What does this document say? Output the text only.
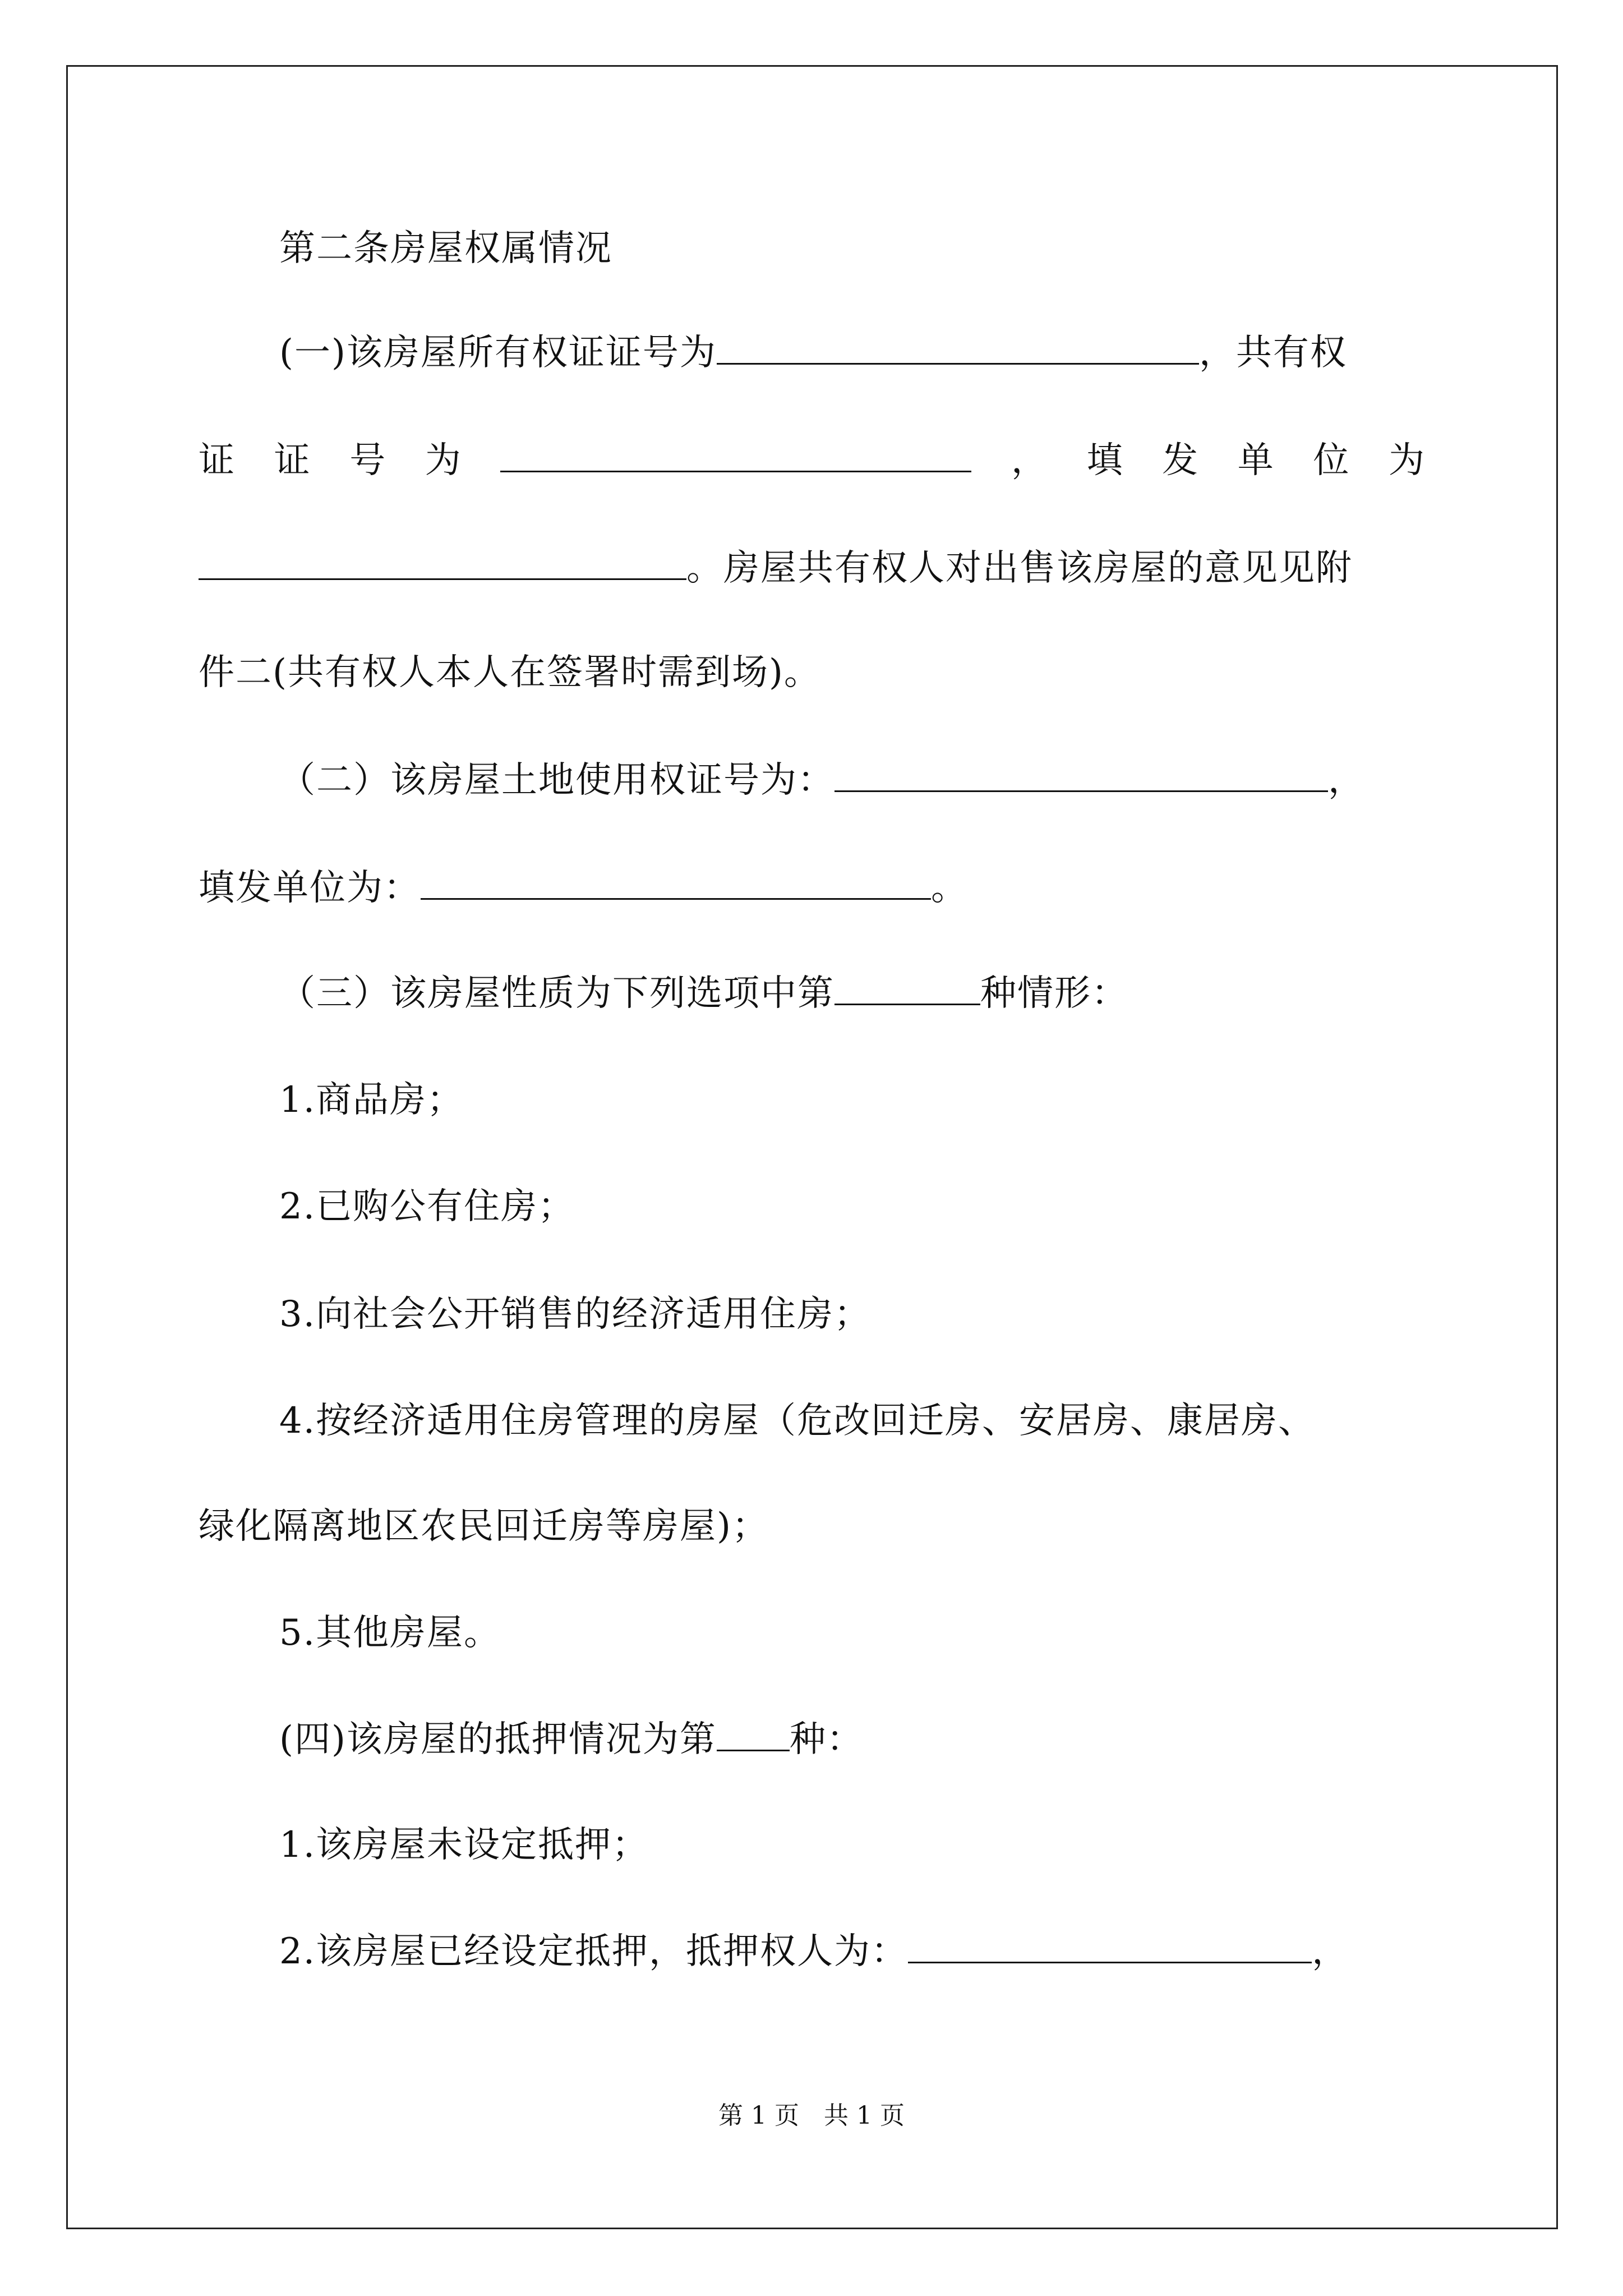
第二条房屋权属情况
(一)该房屋所有权证证号为	，共有权
证 证 号 为	， 填 发 单 位 为
。房屋共有权人对出售该房屋的意见见附
件二(共有权人本人在签署时需到场)。
（二）该房屋土地使用权证号为：	，
填发单位为：	。
（三）该房屋性质为下列选项中第	种情形：
1.商品房；
2.已购公有住房；
3.向社会公开销售的经济适用住房；
4.按经济适用住房管理的房屋（危改回迁房、安居房、康居房、
绿化隔离地区农民回迁房等房屋)；
5.其他房屋。
(四)该房屋的抵押情况为第 种：
1.该房屋未设定抵押；
2.该房屋已经设定抵押，抵押权人为：	，
第 1 页　共 1 页
